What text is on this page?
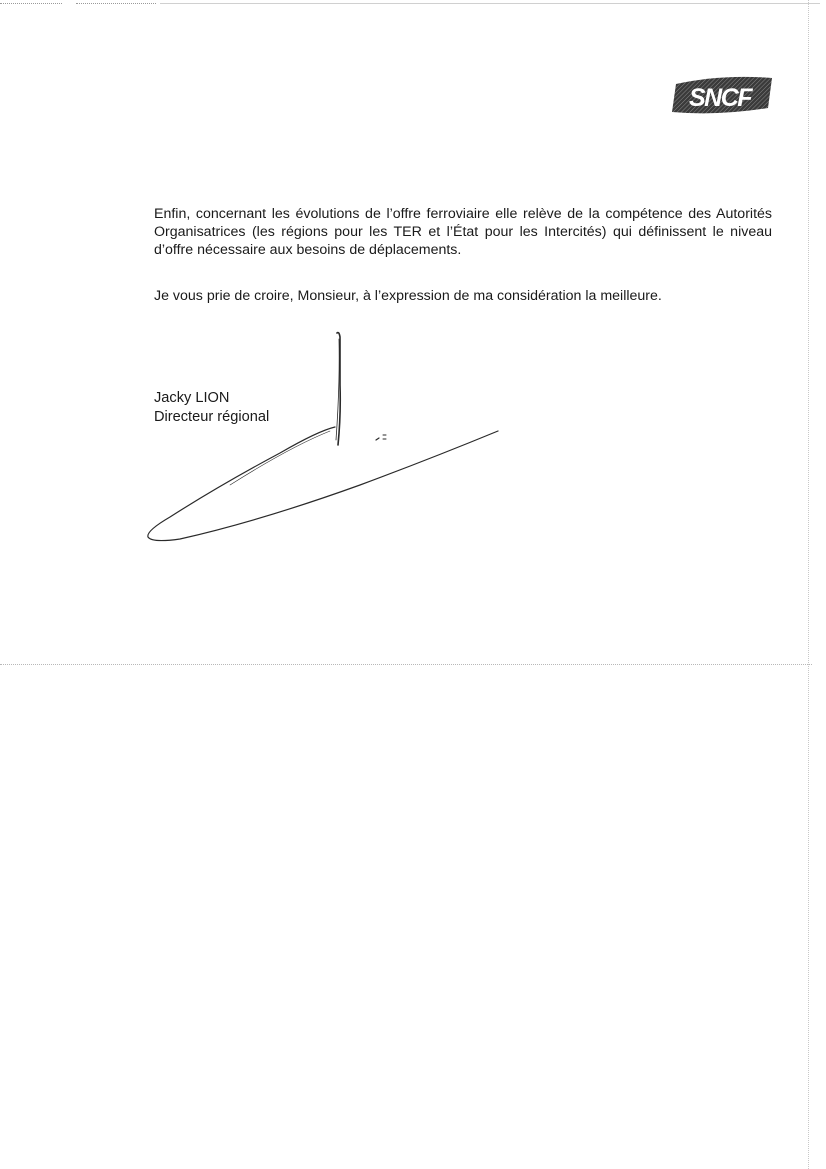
SNCF
Enfin, concernant les évolutions de l’offre ferroviaire elle relève de la compétence des Autorités Organisatrices (les régions pour les TER et l’État pour les Intercités) qui définissent le niveau d’offre nécessaire aux besoins de déplacements.
Je vous prie de croire, Monsieur, à l’expression de ma considération la meilleure.
Jacky LION
Directeur régional
